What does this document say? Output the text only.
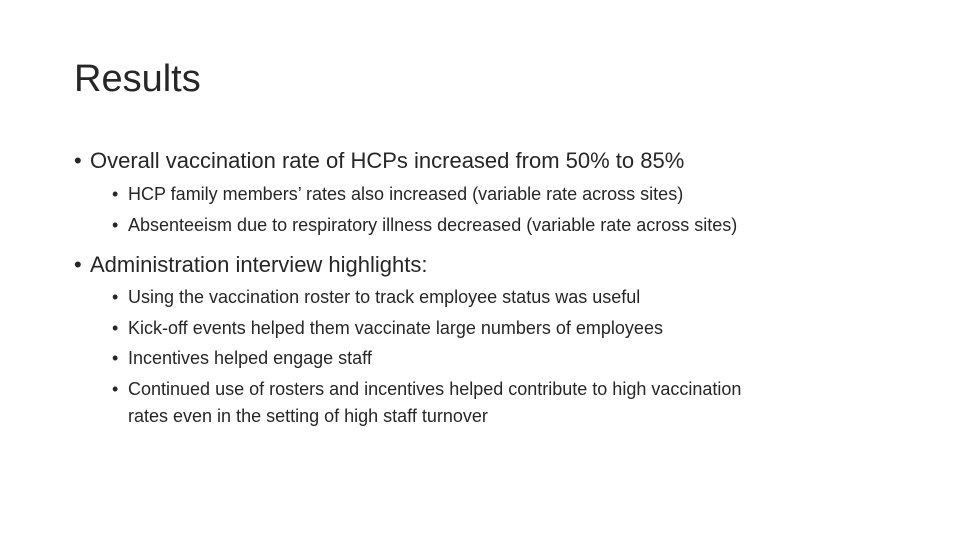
Results
• Overall vaccination rate of HCPs increased from 50% to 85%
• HCP family members’ rates also increased (variable rate across sites)
• Absenteeism due to respiratory illness decreased (variable rate across sites)
• Administration interview highlights:
• Using the vaccination roster to track employee status was useful
• Kick-off events helped them vaccinate large numbers of employees
• Incentives helped engage staff
• Continued use of rosters and incentives helped contribute to high vaccination
rates even in the setting of high staff turnover
